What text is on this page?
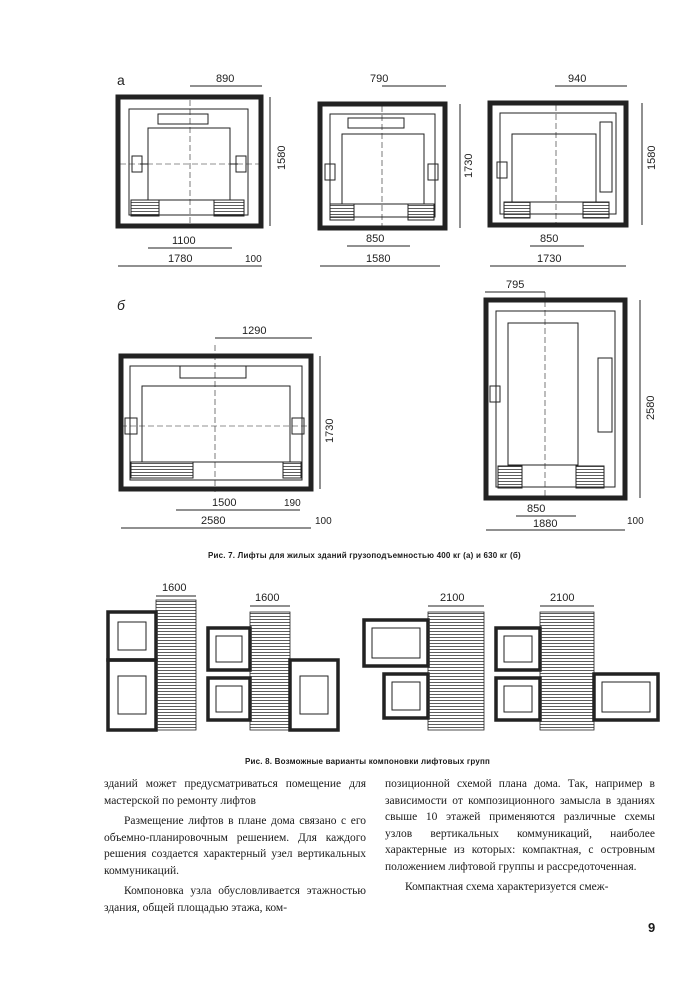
а	890
1580
1100
1780	100
790
1730
850
1580
940
1580
850
1730
б
1290
1730
1500	190
2580	100
795
2580
850
1880	100
1600
1600	2100	2100
Рис. 7. Лифты для жилых зданий грузоподъемностью 400 кг (а) и 630 кг (б)
Рис. 8. Возможные варианты компоновки лифтовых групп

зданий может предусматриваться помещение для мастерской по ремонту лифтов

Размещение лифтов в плане дома связано с его объемно-планировочным решением. Для каждого решения создается характерный узел вертикальных коммуникаций.

Компоновка узла обусловливается этажностью здания, общей площадью этажа, ком-

позиционной схемой плана дома. Так, например в зависимости от композиционного замысла в зданиях свыше 10 этажей применяются различные схемы узлов вертикальных коммуникаций, наиболее характерные из которых: компактная, с островным положением лифтовой группы и рассредоточенная.

Компактная схема характеризуется смеж-

9
